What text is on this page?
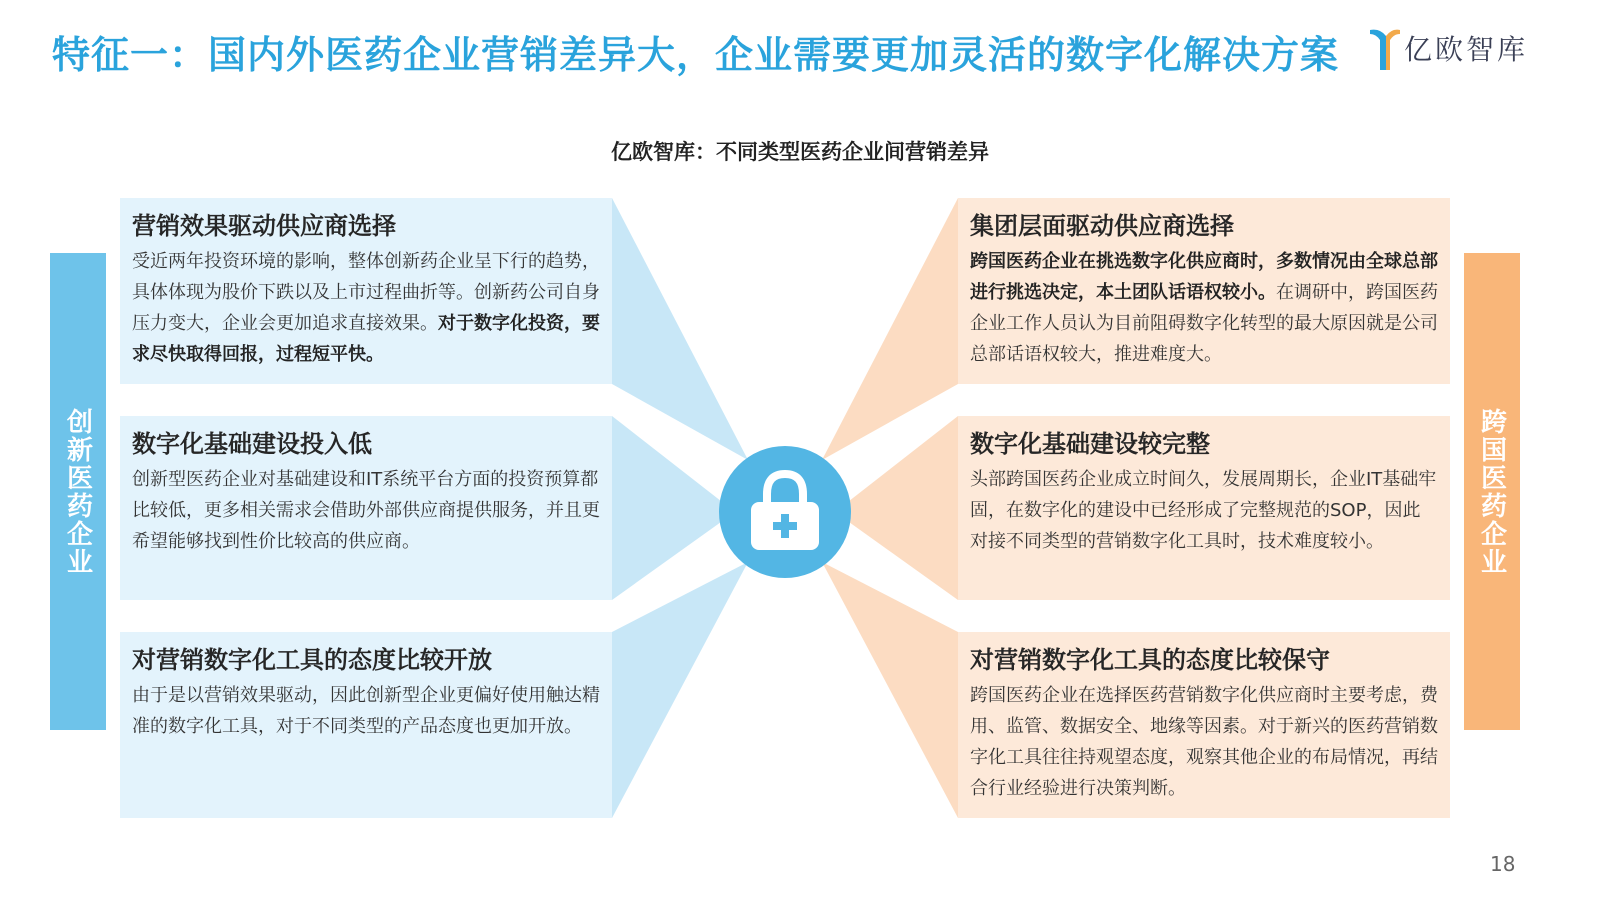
特征一：国内外医药企业营销差异大，企业需要更加灵活的数字化解决方案 亿欧智库
亿欧智库：不同类型医药企业间营销差异
创新医药企业	跨国医药企业
营销效果驱动供应商选择
受近两年投资环境的影响，整体创新药企业呈下行的趋势，具体体现为股价下跌以及上市过程曲折等。创新药公司自身压力变大，企业会更加追求直接效果。对于数字化投资，要求尽快取得回报，过程短平快。
数字化基础建设投入低
创新型医药企业对基础建设和IT系统平台方面的投资预算都比较低，更多相关需求会借助外部供应商提供服务，并且更希望能够找到性价比较高的供应商。
对营销数字化工具的态度比较开放
由于是以营销效果驱动，因此创新型企业更偏好使用触达精准的数字化工具，对于不同类型的产品态度也更加开放。
集团层面驱动供应商选择
跨国医药企业在挑选数字化供应商时，多数情况由全球总部进行挑选决定，本土团队话语权较小。在调研中，跨国医药企业工作人员认为目前阻碍数字化转型的最大原因就是公司总部话语权较大，推进难度大。
数字化基础建设较完整
头部跨国医药企业成立时间久，发展周期长，企业IT基础牢固，在数字化的建设中已经形成了完整规范的SOP，因此对接不同类型的营销数字化工具时，技术难度较小。
对营销数字化工具的态度比较保守
跨国医药企业在选择医药营销数字化供应商时主要考虑，费用、监管、数据安全、地缘等因素。对于新兴的医药营销数字化工具往往持观望态度，观察其他企业的布局情况，再结合行业经验进行决策判断。
18
